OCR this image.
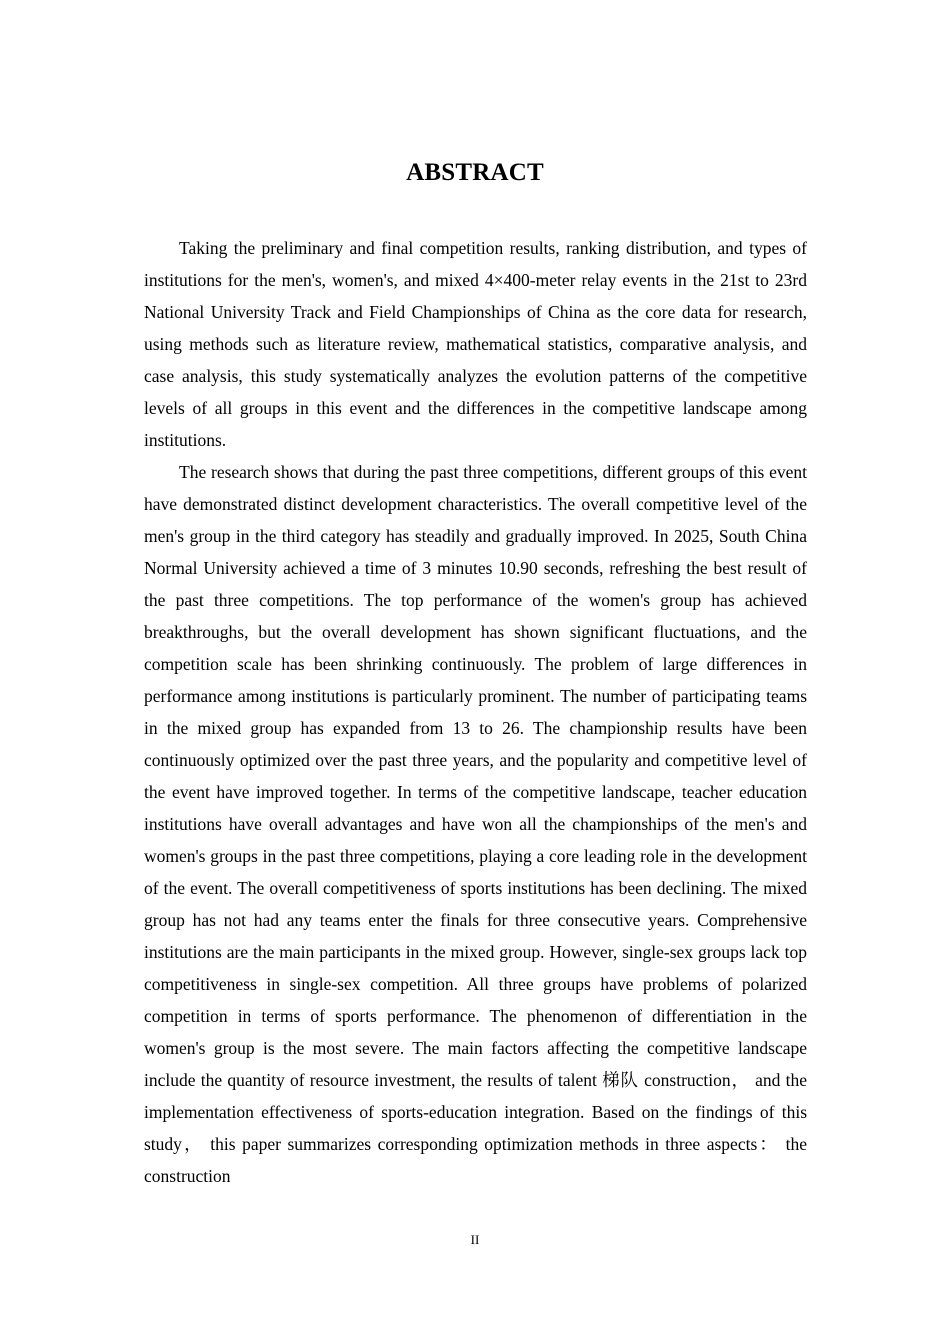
ABSTRACT

Taking the preliminary and final competition results, ranking distribution, and types of institutions for the men's, women's, and mixed 4×400-meter relay events in the 21st to 23rd National University Track and Field Championships of China as the core data for research, using methods such as literature review, mathematical statistics, comparative analysis, and case analysis, this study systematically analyzes the evolution patterns of the competitive levels of all groups in this event and the differences in the competitive landscape among institutions.

The research shows that during the past three competitions, different groups of this event have demonstrated distinct development characteristics. The overall competitive level of the men's group in the third category has steadily and gradually improved. In 2025, South China Normal University achieved a time of 3 minutes 10.90 seconds, refreshing the best result of the past three competitions. The top performance of the women's group has achieved breakthroughs, but the overall development has shown significant fluctuations, and the competition scale has been shrinking continuously. The problem of large differences in performance among institutions is particularly prominent. The number of participating teams in the mixed group has expanded from 13 to 26. The championship results have been continuously optimized over the past three years, and the popularity and competitive level of the event have improved together. In terms of the competitive landscape, teacher education institutions have overall advantages and have won all the championships of the men's and women's groups in the past three competitions, playing a core leading role in the development of the event. The overall competitiveness of sports institutions has been declining. The mixed group has not had any teams enter the finals for three consecutive years. Comprehensive institutions are the main participants in the mixed group. However, single-sex groups lack top competitiveness in single-sex competition. All three groups have problems of polarized competition in terms of sports performance. The phenomenon of differentiation in the women's group is the most severe. The main factors affecting the competitive landscape include the quantity of resource investment, the results of talent 梯队 construction， and the implementation effectiveness of sports-education integration. Based on the findings of this study， this paper summarizes corresponding optimization methods in three aspects： the construction

II
